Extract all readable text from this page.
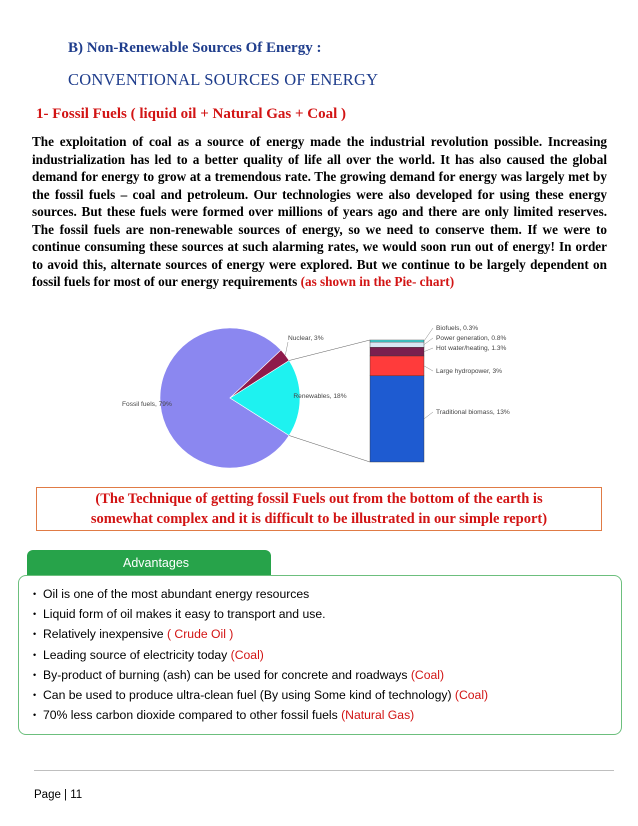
B) Non-Renewable Sources Of Energy :
CONVENTIONAL SOURCES OF ENERGY
1- Fossil Fuels ( liquid oil + Natural Gas + Coal )
The exploitation of coal as a source of energy made the industrial revolution possible. Increasing industrialization has led to a better quality of life all over the world. It has also caused the global demand for energy to grow at a tremendous rate. The growing demand for energy was largely met by the fossil fuels – coal and petroleum. Our technologies were also developed for using these energy sources. But these fuels were formed over millions of years ago and there are only limited reserves. The fossil fuels are non-renewable sources of energy, so we need to conserve them. If we were to continue consuming these sources at such alarming rates, we would soon run out of energy! In order to avoid this, alternate sources of energy were explored. But we continue to be largely dependent on fossil fuels for most of our energy requirements (as shown in the Pie- chart)
Fossil fuels, 79%
Renewables, 18%
Nuclear, 3%
Biofuels, 0.3%
Power generation, 0.8%
Hot water/heating, 1.3%
Large hydropower, 3%
Traditional biomass, 13%
(The Technique of getting fossil Fuels out from the bottom of the earth is
somewhat complex and it is difficult to be illustrated in our simple report)
Advantages
• Oil is one of the most abundant energy resources
• Liquid form of oil makes it easy to transport and use.
• Relatively inexpensive ( Crude Oil )
• Leading source of electricity today (Coal)
• By-product of burning (ash) can be used for concrete and roadways (Coal)
• Can be used to produce ultra-clean fuel (By using Some kind of technology) (Coal)
• 70% less carbon dioxide compared to other fossil fuels (Natural Gas)
Page | 11
